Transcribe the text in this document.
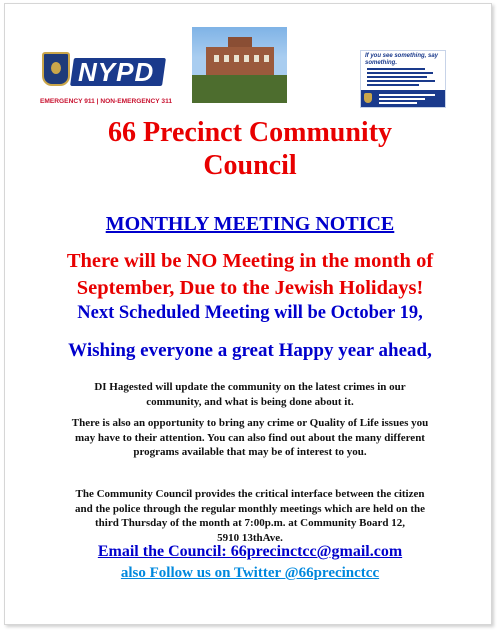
NYPD
EMERGENCY 911 | NON-EMERGENCY 311
If you see something, say something.
66 Precinct Community
Council
MONTHLY MEETING NOTICE
There will be NO Meeting in the month of
September, Due to the Jewish Holidays!
Next Scheduled Meeting will be October 19,
Wishing everyone a great Happy year ahead,
DI Hagested will update the community on the latest crimes in our
community, and what is being done about it.
There is also an opportunity to bring any crime or Quality of Life issues you
may have to their attention. You can also find out about the many different
programs available that may be of interest to you.
The Community Council provides the critical interface between the citizen
and the police through the regular monthly meetings which are held on the
third Thursday of the month at 7:00p.m. at Community Board 12,
5910 13thAve.
Email the Council: 66precinctcc@gmail.com
also Follow us on Twitter @66precinctcc
